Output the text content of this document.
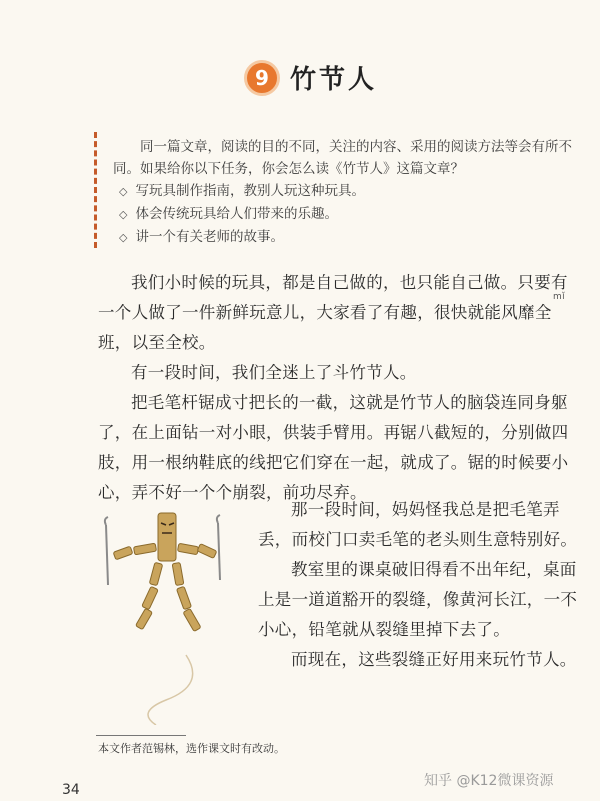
9 竹节人
同一篇文章，阅读的目的不同，关注的内容、采用的阅读方法等会有所不同。如果给你以下任务，你会怎么读《竹节人》这篇文章？
◇ 写玩具制作指南，教别人玩这种玩具。
◇ 体会传统玩具给人们带来的乐趣。
◇ 讲一个有关老师的故事。

我们小时候的玩具，都是自己做的，也只能自己做。只要有一个人做了一件新鲜玩意儿，大家看了有趣，很快就能风靡
mǐ
全班，以至全校。

有一段时间，我们全迷上了斗竹节人。

把毛笔杆锯成寸把长的一截，这就是竹节人的脑袋连同身躯了，在上面钻一对小眼，供装手臂用。再锯八截短的，分别做四肢，用一根纳鞋底的线把它们穿在一起，就成了。锯的时候要小心，弄不好一个个崩裂，前功尽弃。

那一段时间，妈妈怪我总是把毛笔弄丢，而校门口卖毛笔的老头则生意特别好。

教室里的课桌破旧得看不出年纪，桌面上是一道道豁开的裂缝，像黄河长江，一不小心，铅笔就从裂缝里掉下去了。

而现在，这些裂缝正好用来玩竹节人。

本文作者范锡林，选作课文时有改动。
34
知乎 @K12微课资源
